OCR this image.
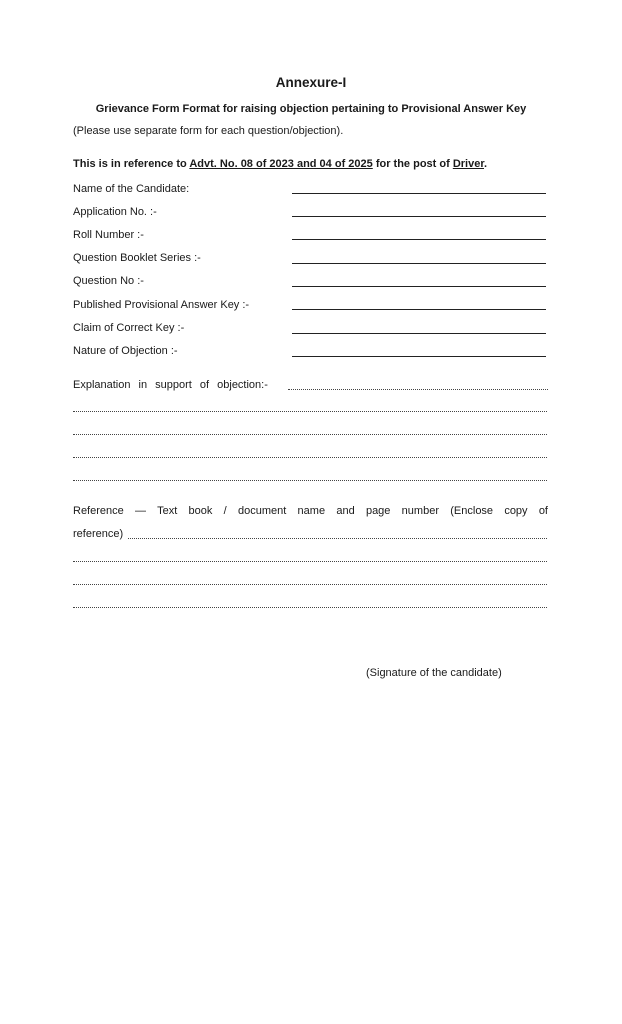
Annexure-I
Grievance Form Format for raising objection pertaining to Provisional Answer Key
(Please use separate form for each question/objection).
This is in reference to Advt. No. 08 of 2023 and 04 of 2025 for the post of Driver.
Name of the Candidate:
Application No. :-
Roll Number :-
Question Booklet Series :-
Question No :-
Published Provisional Answer Key :-
Claim of Correct Key :-
Nature of Objection :-
Explanation in support of objection:-
Reference — Text book / document name and page number (Enclose copy of
reference)
(Signature of the candidate)
